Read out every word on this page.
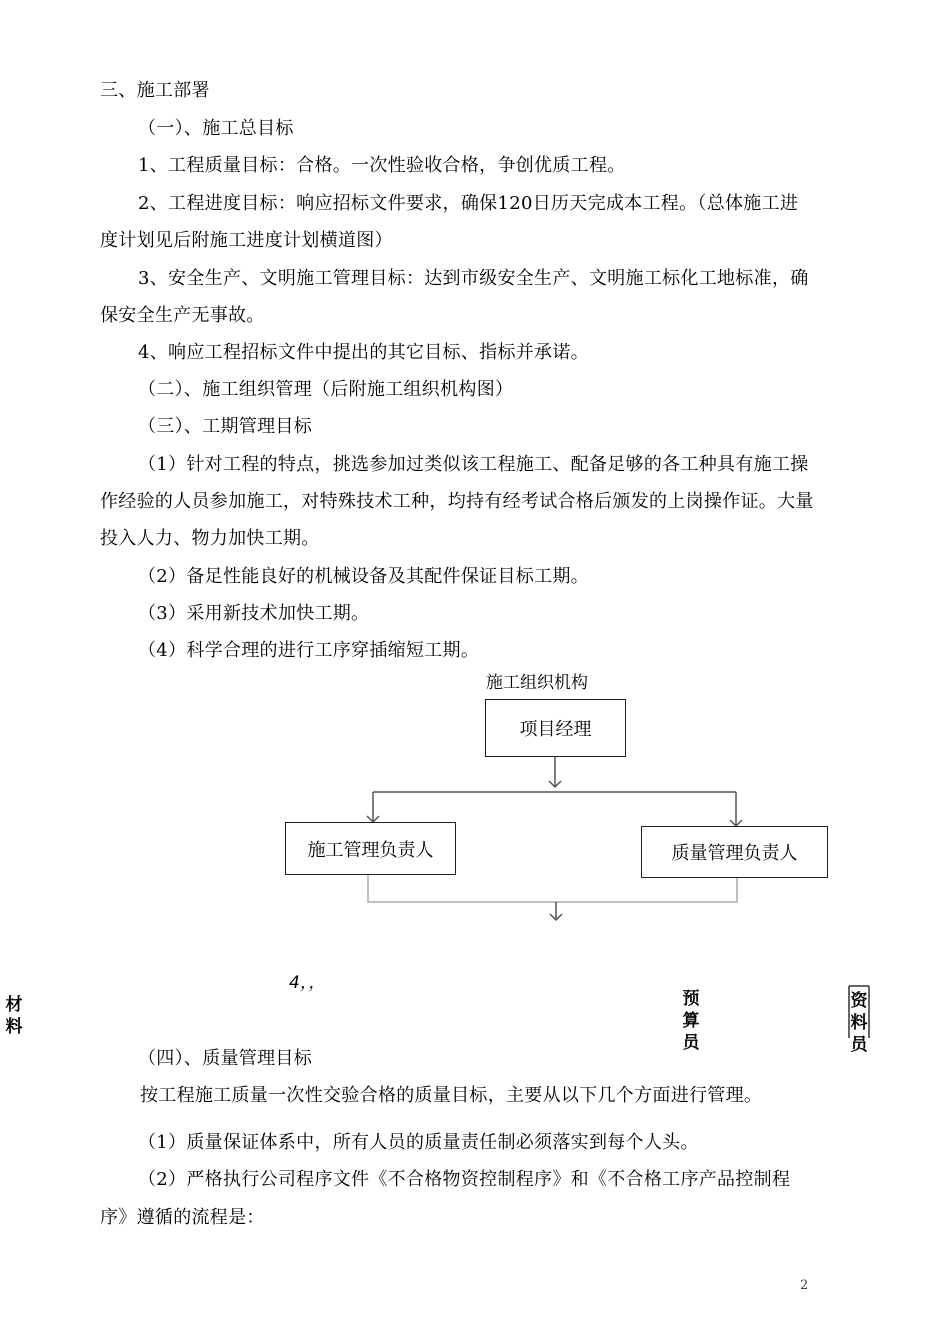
三、施工部署
（一）、施工总目标
1、工程质量目标：合格。一次性验收合格，争创优质工程。
2、工程进度目标：响应招标文件要求，确保120日历天完成本工程。（总体施工进
度计划见后附施工进度计划横道图）
3、安全生产、文明施工管理目标：达到市级安全生产、文明施工标化工地标准，确
保安全生产无事故。
4、响应工程招标文件中提出的其它目标、指标并承诺。
（二）、施工组织管理（后附施工组织机构图）
（三）、工期管理目标
（1）针对工程的特点，挑选参加过类似该工程施工、配备足够的各工种具有施工操
作经验的人员参加施工，对特殊技术工种，均持有经考试合格后颁发的上岗操作证。大量
投入人力、物力加快工期。
（2）备足性能良好的机械设备及其配件保证目标工期。
（3）采用新技术加快工期。
（4）科学合理的进行工序穿插缩短工期。
施工组织机构
项目经理
施工管理负责人	质量管理负责人
材料
4，，
预算员
资料员
（四）、质量管理目标
按工程施工质量一次性交验合格的质量目标，主要从以下几个方面进行管理。
（1）质量保证体系中，所有人员的质量责任制必须落实到每个人头。
（2）严格执行公司程序文件《不合格物资控制程序》和《不合格工序产品控制程
序》遵循的流程是：
2
